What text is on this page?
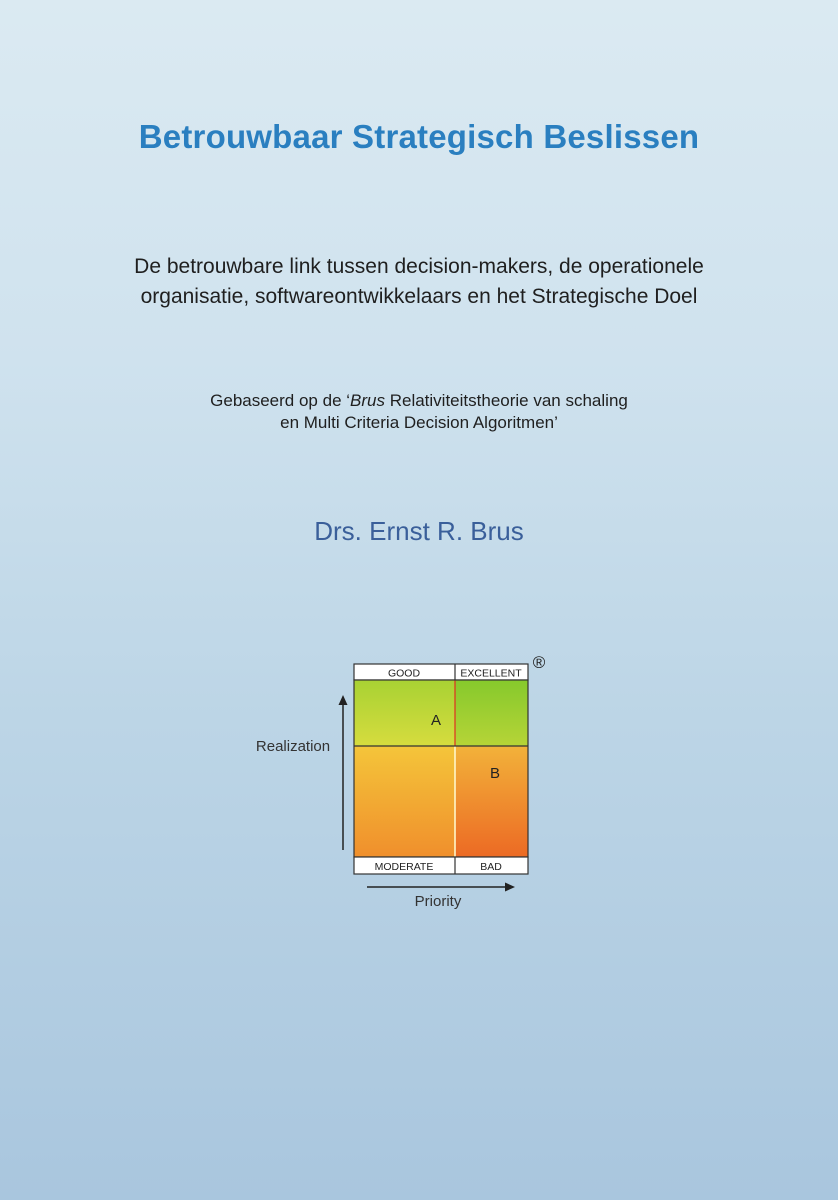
Betrouwbaar Strategisch Beslissen
De betrouwbare link tussen decision-makers, de operationele
organisatie, softwareontwikkelaars en het Strategische Doel
Gebaseerd op de ‘Brus Relativiteitstheorie van schaling
en Multi Criteria Decision Algoritmen’
Drs. Ernst R. Brus
GOOD	EXCELLENT
MODERATE	BAD
A
B
®
Realization
Priority
